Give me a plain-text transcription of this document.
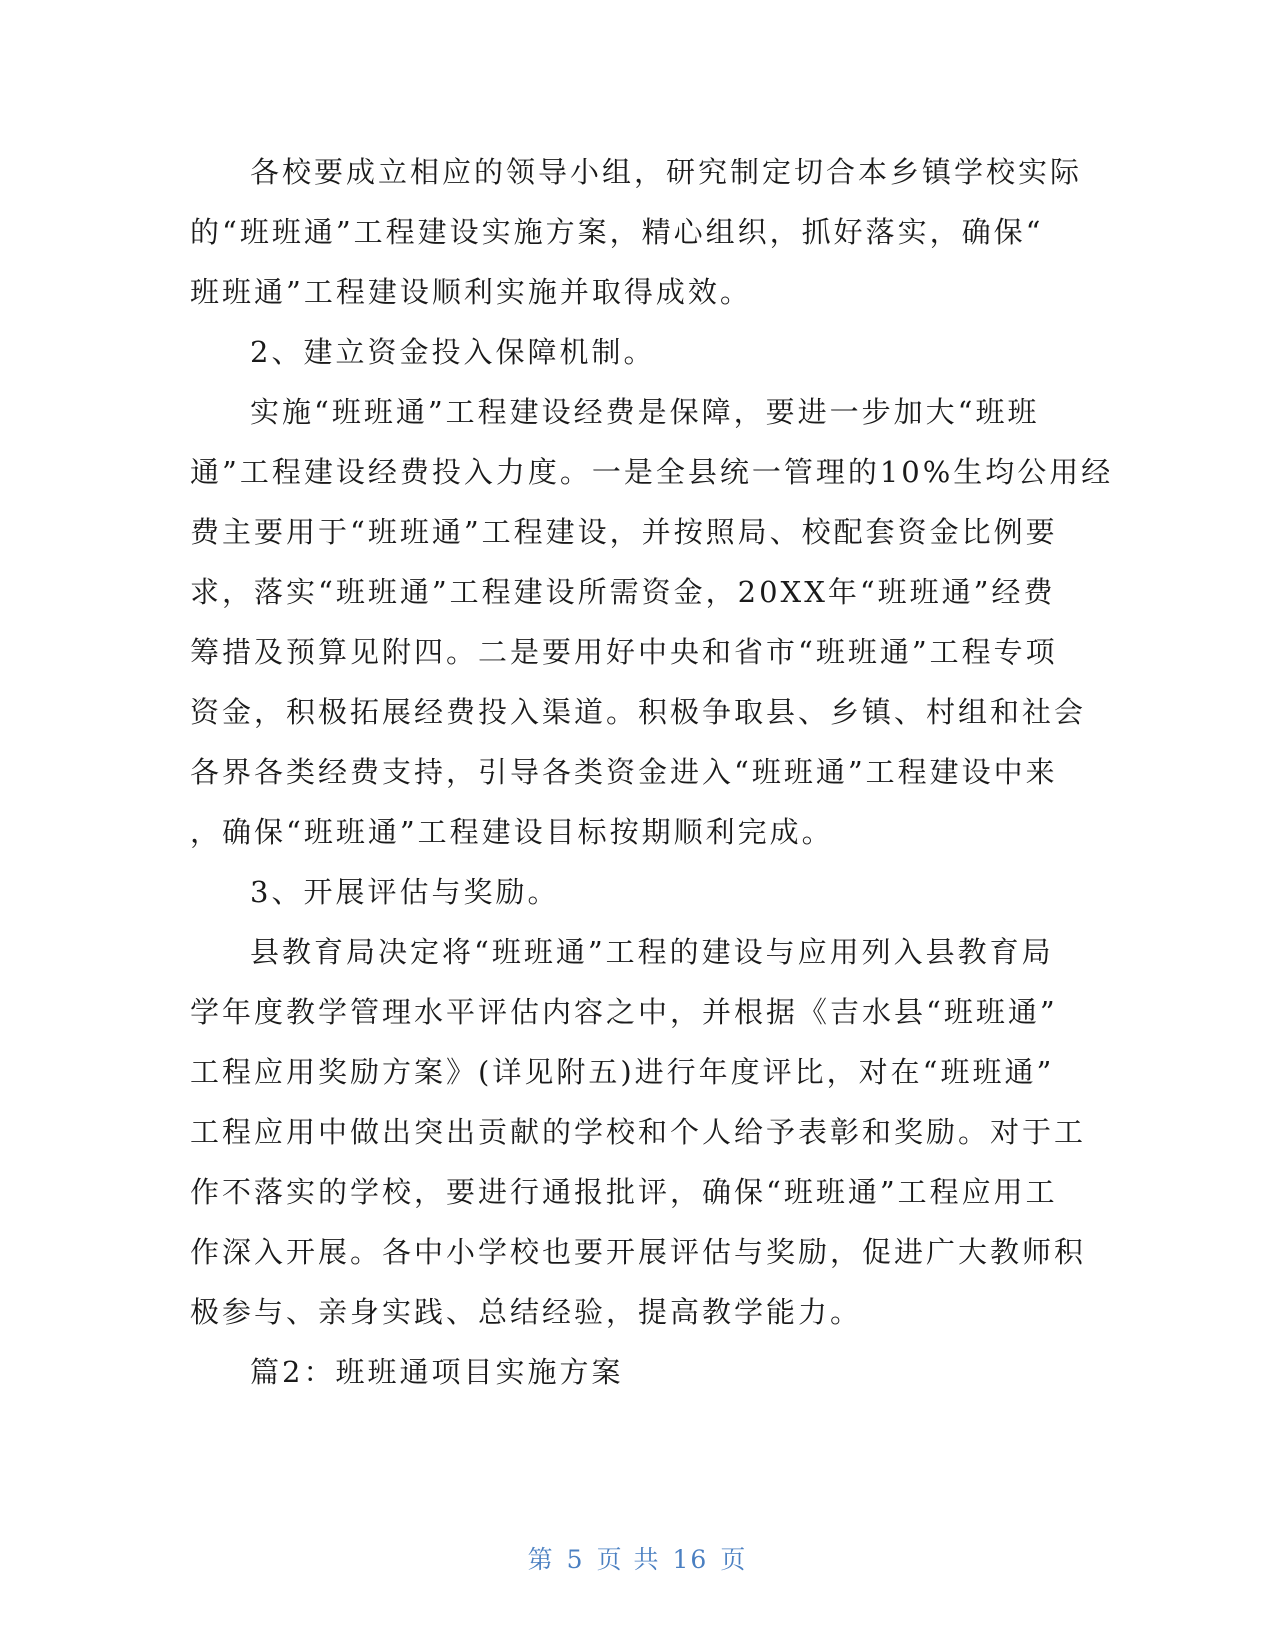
各校要成立相应的领导小组，研究制定切合本乡镇学校实际
的“班班通”工程建设实施方案，精心组织，抓好落实，确保“
班班通”工程建设顺利实施并取得成效。
2、建立资金投入保障机制。
实施“班班通”工程建设经费是保障，要进一步加大“班班
通”工程建设经费投入力度。一是全县统一管理的10%生均公用经
费主要用于“班班通”工程建设，并按照局、校配套资金比例要
求，落实“班班通”工程建设所需资金，20XX年“班班通”经费
筹措及预算见附四。二是要用好中央和省市“班班通”工程专项
资金，积极拓展经费投入渠道。积极争取县、乡镇、村组和社会
各界各类经费支持，引导各类资金进入“班班通”工程建设中来
，确保“班班通”工程建设目标按期顺利完成。
3、开展评估与奖励。
县教育局决定将“班班通”工程的建设与应用列入县教育局
学年度教学管理水平评估内容之中，并根据《吉水县“班班通”
工程应用奖励方案》(详见附五)进行年度评比，对在“班班通”
工程应用中做出突出贡献的学校和个人给予表彰和奖励。对于工
作不落实的学校，要进行通报批评，确保“班班通”工程应用工
作深入开展。各中小学校也要开展评估与奖励，促进广大教师积
极参与、亲身实践、总结经验，提高教学能力。
篇2：班班通项目实施方案
第 5 页 共 16 页
